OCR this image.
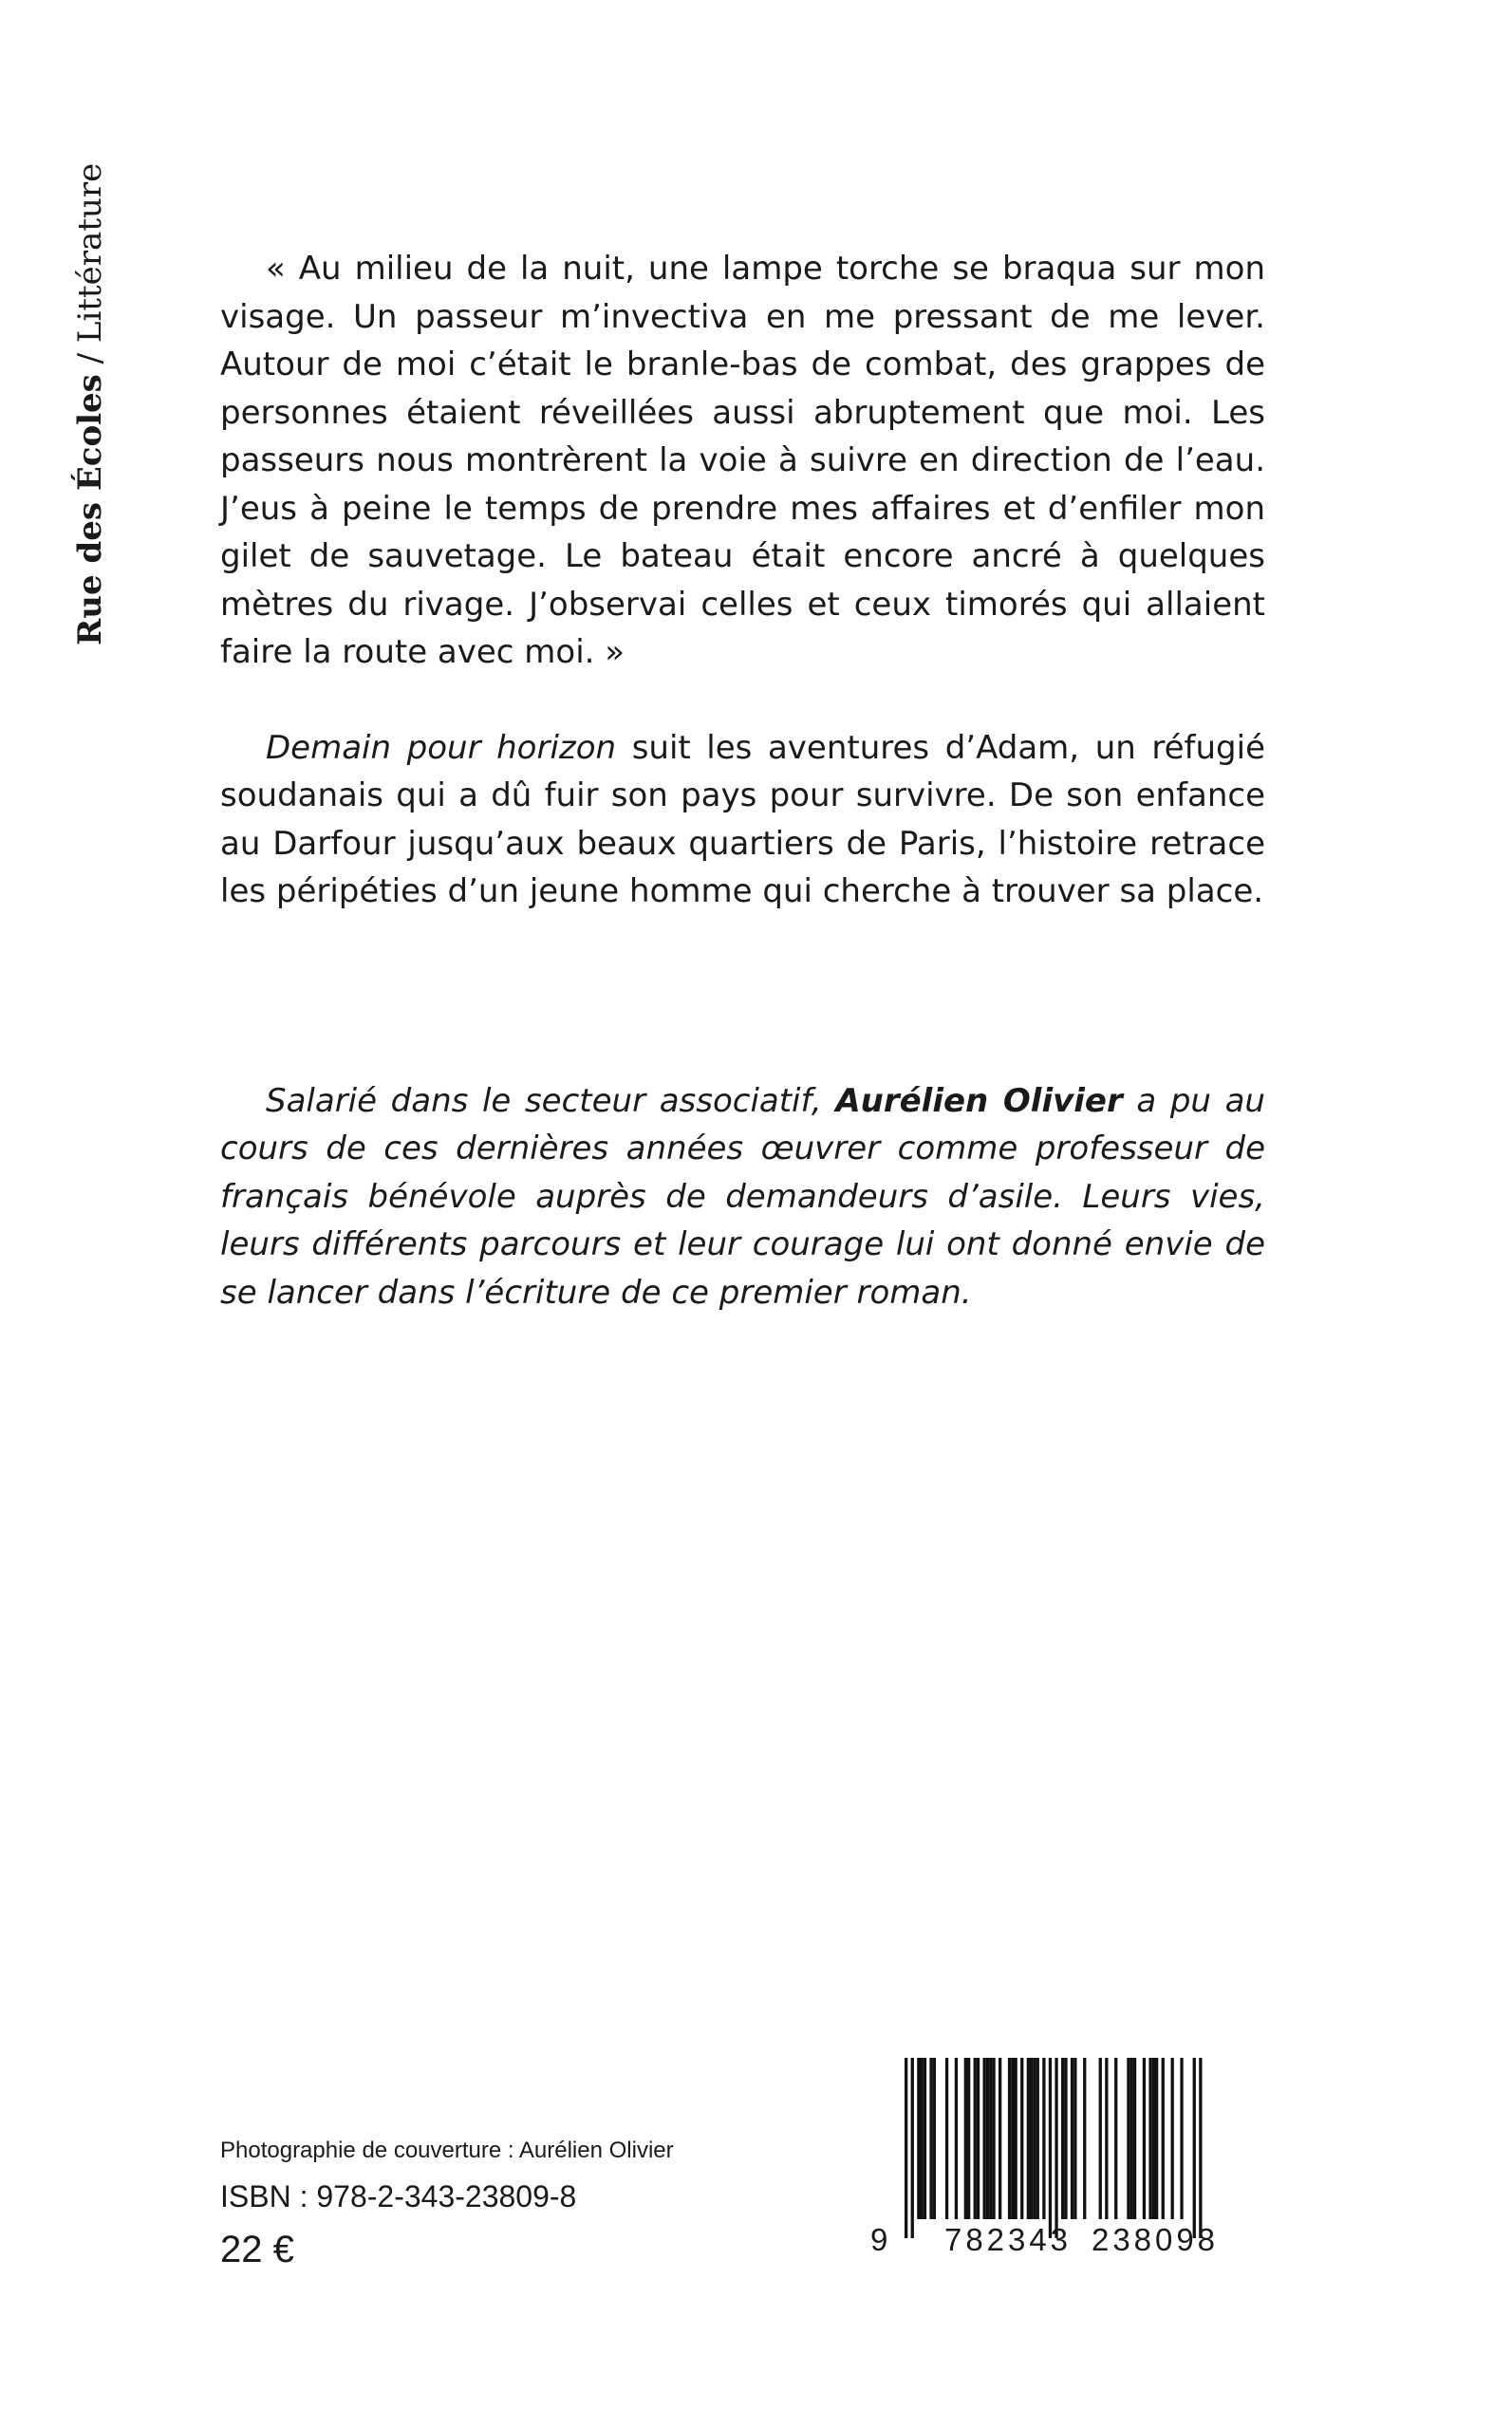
Rue des Écoles / Littérature	« Au milieu de la nuit, une lampe torche se braqua sur mon visage. Un passeur m’invectiva en me pressant de me lever. Autour de moi c’était le branle-bas de combat, des grappes de personnes étaient réveillées aussi abruptement que moi. Les passeurs nous montrèrent la voie à suivre en direction de l’eau. J’eus à peine le temps de prendre mes affaires et d’enfiler mon gilet de sauvetage. Le bateau était encore ancré à quelques mètres du rivage. J’observai celles et ceux timorés qui allaient faire la route avec moi. »

Demain pour horizon suit les aventures d’Adam, un réfugié soudanais qui a dû fuir son pays pour survivre. De son enfance au Darfour jusqu’aux beaux quartiers de Paris, l’histoire retrace les péripéties d’un jeune homme qui cherche à trouver sa place.

Salarié dans le secteur associatif, Aurélien Olivier a pu au cours de ces dernières années œuvrer comme professeur de français bénévole auprès de demandeurs d’asile. Leurs vies, leurs différents parcours et leur courage lui ont donné envie de se lancer dans l’écriture de ce premier roman.

Photographie de couverture : Aurélien Olivier
ISBN : 978-2-343-23809-8
22 €	9 782343 238098
